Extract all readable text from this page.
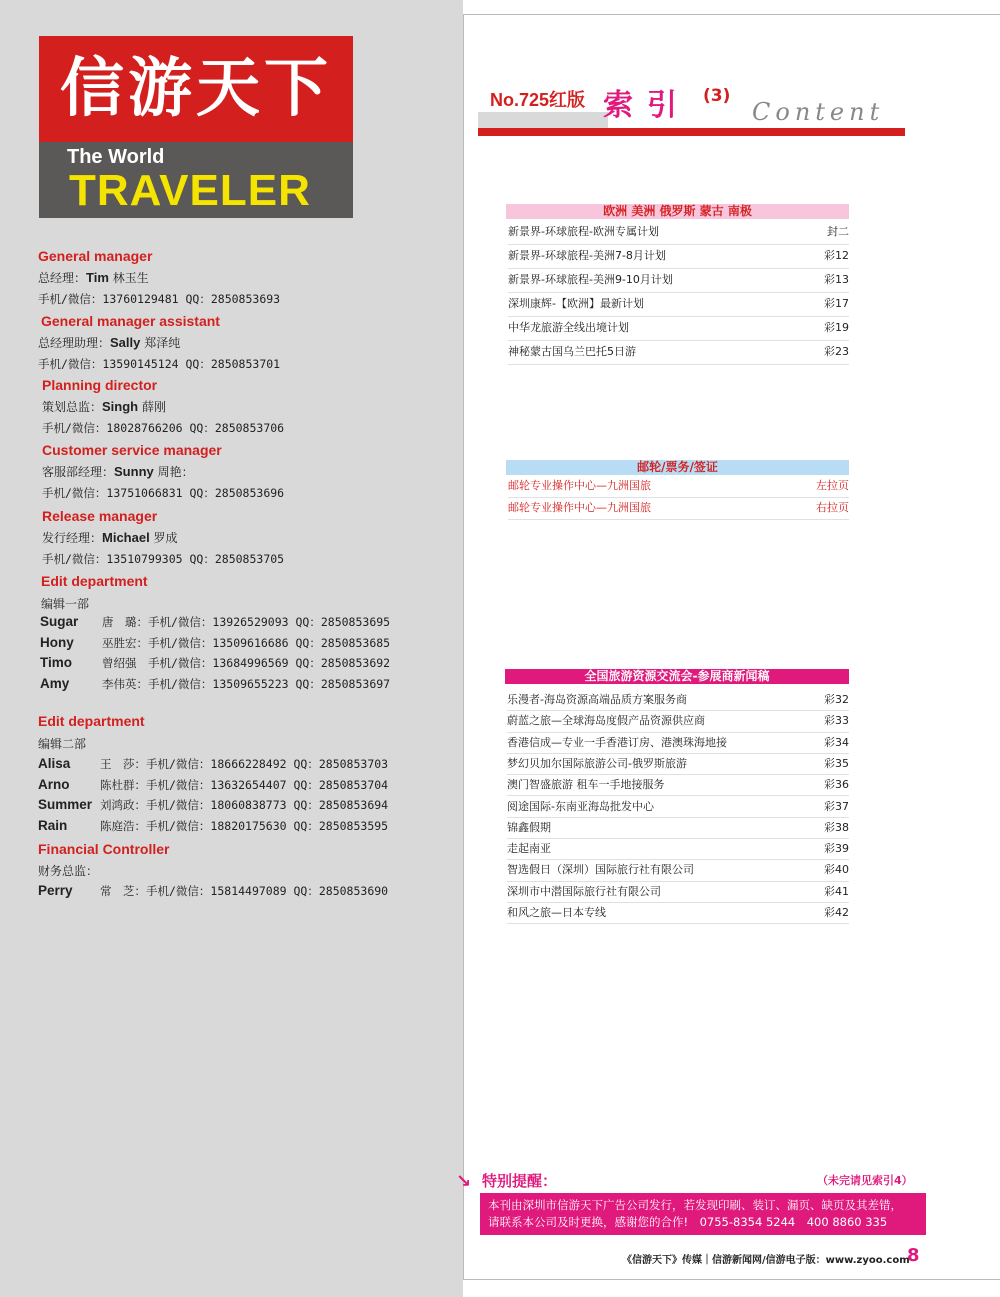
信游天下
The World
TRAVELER
General manager
总经理：Tim 林玉生
手机/微信：13760129481 QQ：2850853693
General manager assistant
总经理助理：Sally 郑泽纯
手机/微信：13590145124 QQ：2850853701
Planning director
策划总监：Singh 薛刚
手机/微信：18028766206 QQ：2850853706
Customer service manager
客服部经理：Sunny 周艳：
手机/微信：13751066831 QQ：2850853696
Release manager
发行经理：Michael 罗成
手机/微信：13510799305 QQ：2850853705
Edit department
编辑一部
Sugar 唐　璐：手机/微信：13926529093 QQ：2850853695
Hony 巫胜宏：手机/微信：13509616686 QQ：2850853685
Timo	曾绍强　手机/微信：13684996569 QQ：2850853692
Amy	李伟英：手机/微信：13509655223 QQ：2850853697
Edit department
编辑二部
Alisa	王　莎：手机/微信：18666228492 QQ：2850853703
Arno	陈杜群：手机/微信：13632654407 QQ：2850853704
Summer 刘鸿政：手机/微信：18060838773 QQ：2850853694
Rain	陈庭浩：手机/微信：18820175630 QQ：2850853595
Financial Controller
财务总监：
Perry 常　芝：手机/微信：15814497089 QQ：2850853690
No.725红版 索引 (3)
Content
欧洲 美洲 俄罗斯 蒙古 南极
新景界-环球旅程-欧洲专属计划	封二
新景界-环球旅程-美洲7-8月计划	彩12
新景界-环球旅程-美洲9-10月计划	彩13
深圳康辉-【欧洲】最新计划	彩17
中华龙旅游全线出境计划	彩19
神秘蒙古国乌兰巴托5日游	彩23
邮轮/票务/签证
邮轮专业操作中心—九洲国旅	左拉页
邮轮专业操作中心—九洲国旅	右拉页
全国旅游资源交流会-参展商新闻稿
乐漫者-海岛资源高端品质方案服务商	彩32
蔚蓝之旅—全球海岛度假产品资源供应商	彩33
香港信成—专业一手香港订房、港澳珠海地接	彩34
梦幻贝加尔国际旅游公司-俄罗斯旅游	彩35
澳门智盛旅游 租车一手地接服务	彩36
阅途国际-东南亚海岛批发中心	彩37
锦鑫假期	彩38
走起南亚	彩39
智选假日（深圳）国际旅行社有限公司	彩40
深圳市中潜国际旅行社有限公司	彩41
和风之旅—日本专线	彩42
↘ 特别提醒：	（未完请见索引4）
本刊由深圳市信游天下广告公司发行，若发现印刷、装订、漏页、缺页及其差错，
请联系本公司及时更换，感谢您的合作!　0755-8354 5244　400 8860 335
《信游天下》传媒｜信游新闻网/信游电子版：www.zyoo.com
8
